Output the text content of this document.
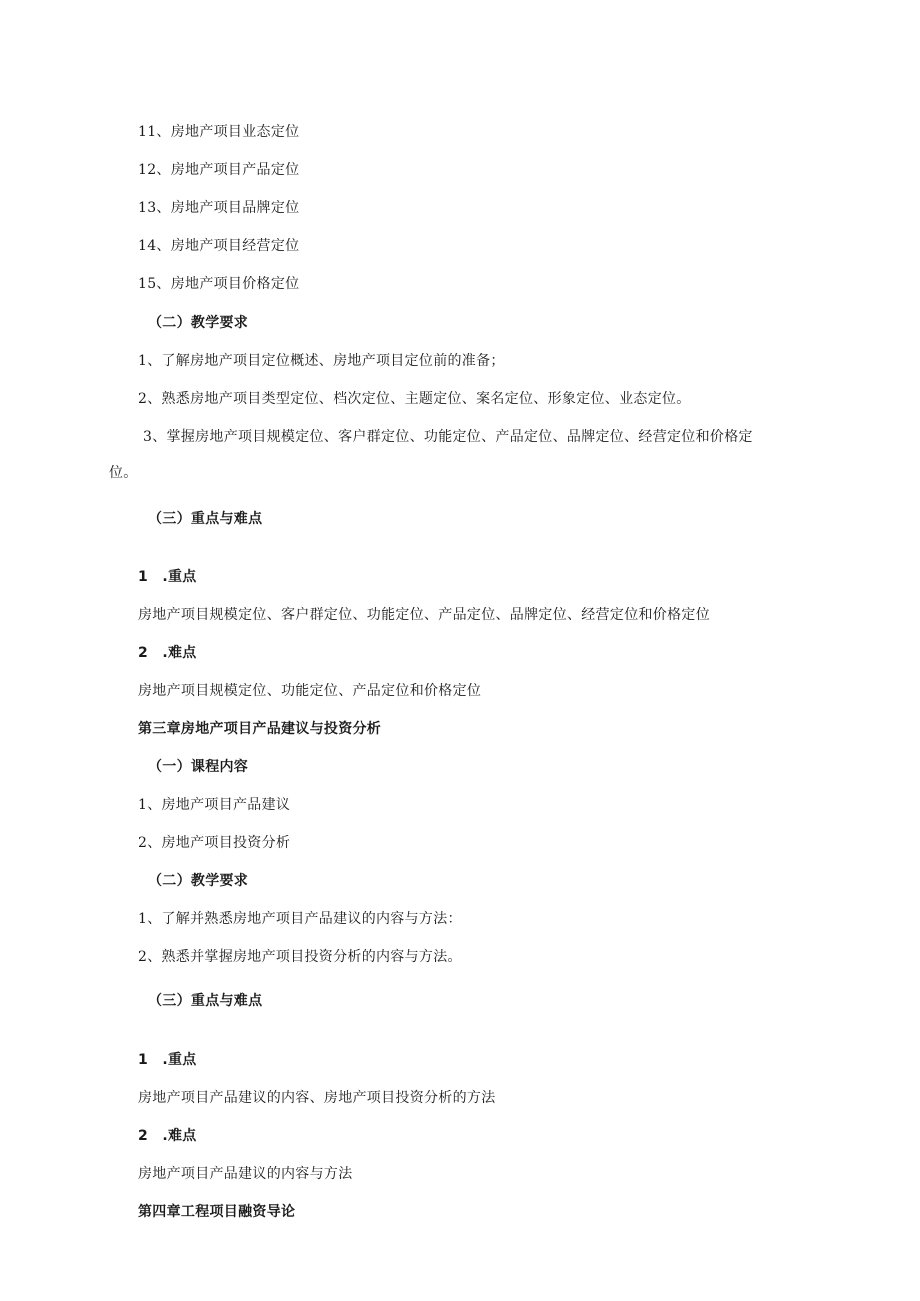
11、房地产项目业态定位
12、房地产项目产品定位
13、房地产项目品牌定位
14、房地产项目经营定位
15、房地产项目价格定位
（二）教学要求
1、了解房地产项目定位概述、房地产项目定位前的准备；
2、熟悉房地产项目类型定位、档次定位、主题定位、案名定位、形象定位、业态定位。
3、掌握房地产项目规模定位、客户群定位、功能定位、产品定位、品牌定位、经营定位和价格定
位。
（三）重点与难点
1　.重点
房地产项目规模定位、客户群定位、功能定位、产品定位、品牌定位、经营定位和价格定位
2　.难点
房地产项目规模定位、功能定位、产品定位和价格定位
第三章房地产项目产品建议与投资分析
（一）课程内容
1、房地产项目产品建议
2、房地产项目投资分析
（二）教学要求
1、了解并熟悉房地产项目产品建议的内容与方法：
2、熟悉并掌握房地产项目投资分析的内容与方法。
（三）重点与难点
1　.重点
房地产项目产品建议的内容、房地产项目投资分析的方法
2　.难点
房地产项目产品建议的内容与方法
第四章工程项目融资导论
